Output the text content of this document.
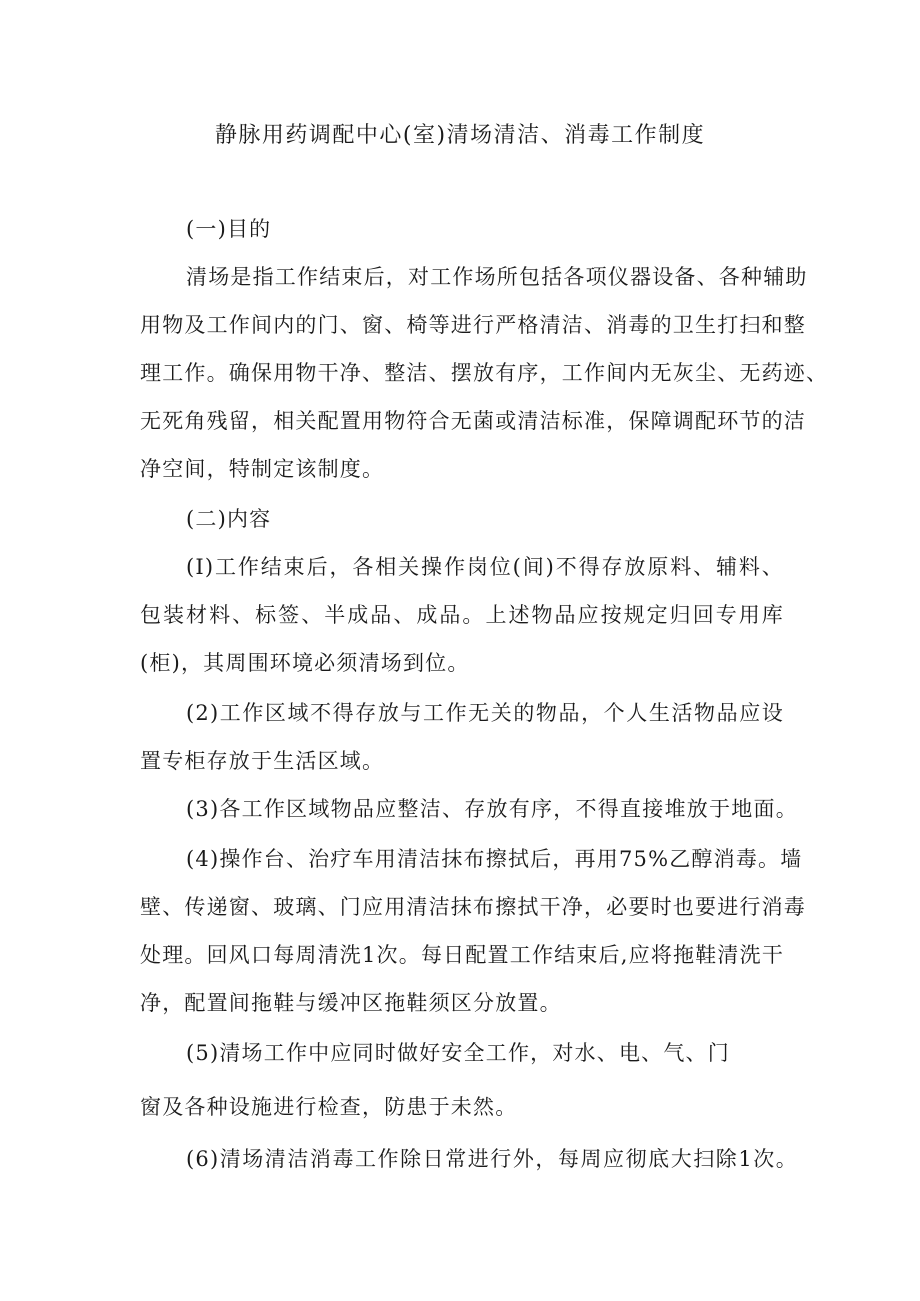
静脉用药调配中心(室)清场清洁、消毒工作制度
(一)目的
清场是指工作结束后，对工作场所包括各项仪器设备、各种辅助
用物及工作间内的门、窗、椅等进行严格清洁、消毒的卫生打扫和整
理工作。确保用物干净、整洁、摆放有序，工作间内无灰尘、无药迹、
无死角残留，相关配置用物符合无菌或清洁标准，保障调配环节的洁
净空间，特制定该制度。
(二)内容
(I)工作结束后，各相关操作岗位(间)不得存放原料、辅料、
包装材料、标签、半成品、成品。上述物品应按规定归回专用库
(柜)，其周围环境必须清场到位。
(2)工作区域不得存放与工作无关的物品，个人生活物品应设
置专柜存放于生活区域。
(3)各工作区域物品应整洁、存放有序，不得直接堆放于地面。
(4)操作台、治疗车用清洁抹布擦拭后，再用75%乙醇消毒。墙
壁、传递窗、玻璃、门应用清洁抹布擦拭干净，必要时也要进行消毒
处理。回风口每周清洗1次。每日配置工作结束后,应将拖鞋清洗干
净，配置间拖鞋与缓冲区拖鞋须区分放置。
(5)清场工作中应同时做好安全工作，对水、电、气、门
窗及各种设施进行检查，防患于未然。
(6)清场清洁消毒工作除日常进行外，每周应彻底大扫除1次。
